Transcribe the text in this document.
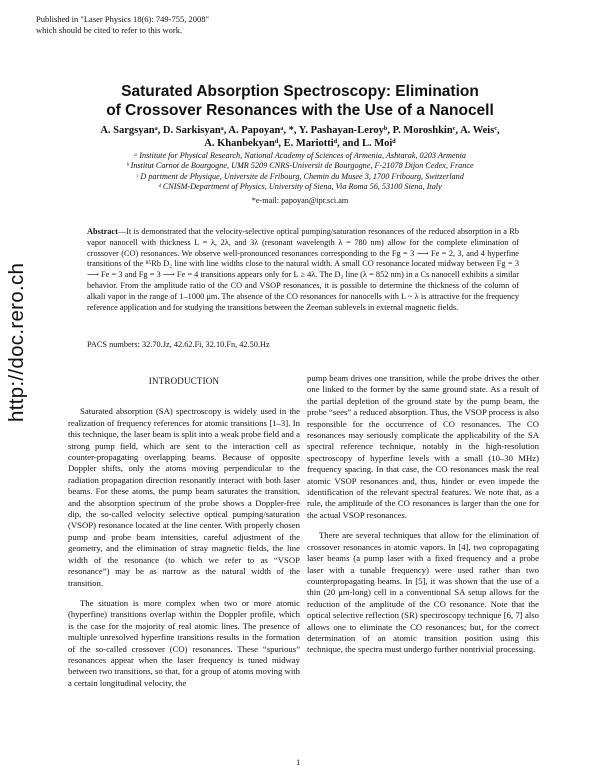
Published in "Laser Physics 18(6): 749-755, 2008"
which should be cited to refer to this work.
http://doc.rero.ch
Saturated Absorption Spectroscopy: Elimination
of Crossover Resonances with the Use of a Nanocell
A. Sargsyanᵃ, D. Sarkisyanᵃ, A. Papoyanᵃ, *, Y. Pashayan-Leroyᵇ, P. Moroshkinᶜ, A. Weisᶜ,
A. Khanbekyanᵈ, E. Mariottiᵈ, and L. Moiᵈ
ᵃ Institute for Physical Research, National Academy of Sciences of Armenia, Ashtarak, 0203 Armenia
ᵇ Institut Carnot de Bourgogne, UMR 5209 CNRS-Universit de Bourgogne, F-21078 Dijon Cedex, France
ᶜ D partment de Physique, Universite de Fribourg, Chemin du Musee 3, 1700 Fribourg, Switzerland
ᵈ CNISM-Department of Physics, University of Siena, Via Roma 56, 53100 Siena, Italy
*e-mail: papoyan@ipr.sci.am
Abstract—It is demonstrated that the velocity-selective optical pumping/saturation resonances of the reduced absorption in a Rb vapor nanocell with thickness L = λ, 2λ, and 3λ (resonant wavelength λ = 780 nm) allow for the complete elimination of crossover (CO) resonances. We observe well-pronounced resonances corresponding to the Fg = 3 ⟶ Fe = 2, 3, and 4 hyperfine transitions of the ⁸⁵Rb D₂ line with line widths close to the natural width. A small CO resonance located midway between Fg = 3 ⟶ Fe = 3 and Fg = 3 ⟶ Fe = 4 transitions appears only for L ≥ 4λ. The D₂ line (λ = 852 nm) in a Cs nanocell exhibits a similar behavior. From the amplitude ratio of the CO and VSOP resonances, it is possible to determine the thickness of the column of alkali vapor in the range of 1–1000 μm. The absence of the CO resonances for nanocells with L ~ λ is attractive for the frequency reference application and for studying the transitions between the Zeeman sublevels in external magnetic fields.
PACS numbers: 32.70.Jz, 42.62.Fi, 32.10.Fn, 42.50.Hz
INTRODUCTION

Saturated absorption (SA) spectroscopy is widely used in the realization of frequency references for atomic transitions [1–3]. In this technique, the laser beam is split into a weak probe field and a strong pump field, which are sent to the interaction cell as counter-propagating overlapping beams. Because of opposite Doppler shifts, only the atoms moving perpendicular to the radiation propagation direction resonantly interact with both laser beams. For these atoms, the pump beam saturates the transition, and the absorption spectrum of the probe shows a Doppler-free dip, the so-called velocity selective optical pumping/saturation (VSOP) resonance located at the line center. With properly chosen pump and probe beam intensities, careful adjustment of the geometry, and the elimination of stray magnetic fields, the line width of the resonance (to which we refer to as “VSOP resonance”) may be as narrow as the natural width of the transition.

The situation is more complex when two or more atomic (hyperfine) transitions overlap within the Doppler profile, which is the case for the majority of real atomic lines. The presence of multiple unresolved hyperfine transitions results in the formation of the so-called crossover (CO) resonances. These “spurious” resonances appear when the laser frequency is tuned midway between two transitions, so that, for a group of atoms moving with a certain longitudinal velocity, the

pump beam drives one transition, while the probe drives the other one linked to the former by the same ground state. As a result of the partial depletion of the ground state by the pump beam, the probe “sees” a reduced absorption. Thus, the VSOP process is also responsible for the occurrence of CO resonances. The CO resonances may seriously complicate the applicability of the SA spectral reference technique, notably in the high-resolution spectroscopy of hyperfine levels with a small (10–30 MHz) frequency spacing. In that case, the CO resonances mask the real atomic VSOP resonances and, thus, hinder or even impede the identification of the relevant spectral features. We note that, as a rule, the amplitude of the CO resonances is larger than the one for the actual VSOP resonances.

There are several techniques that allow for the elimination of crossover resonances in atomic vapors. In [4], two copropagating laser beams (a pump laser with a fixed frequency and a probe laser with a tunable frequency) were used rather than two counterpropagating beams. In [5], it was shown that the use of a thin (20 μm-long) cell in a conventional SA setup allows for the reduction of the amplitude of the CO resonance. Note that the optical selective reflection (SR) spectroscopy technique [6, 7] also allows one to eliminate the CO resonances; but, for the correct determination of an atomic transition position using this technique, the spectra must undergo further nontrivial processing.

1
